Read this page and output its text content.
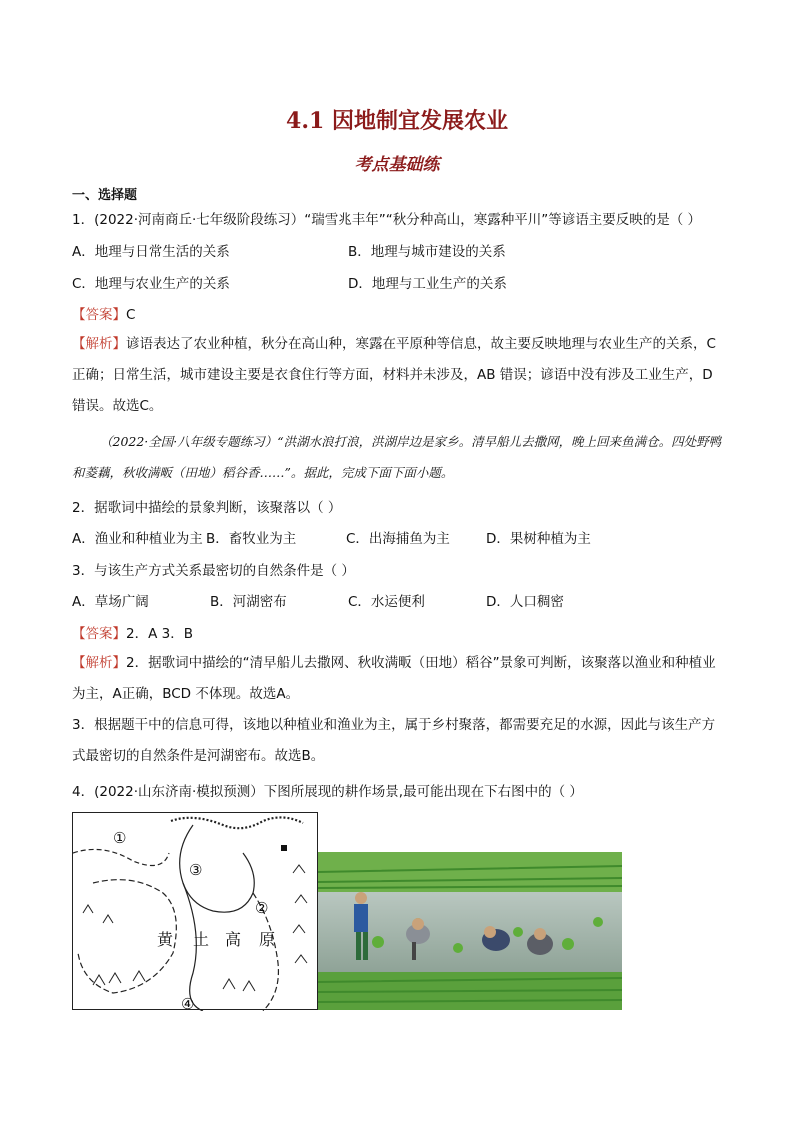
4.1 因地制宜发展农业
考点基础练
一、选择题
1．(2022·河南商丘·七年级阶段练习）“瑞雪兆丰年”“秋分种高山，寒露种平川”等谚语主要反映的是（ ）
A．地理与日常生活的关系	B．地理与城市建设的关系
C．地理与农业生产的关系	D．地理与工业生产的关系
【答案】C
【解析】谚语表达了农业种植，秋分在高山种，寒露在平原种等信息，故主要反映地理与农业生产的关系，C正确；日常生活，城市建设主要是衣食住行等方面，材料并未涉及，AB 错误；谚语中没有涉及工业生产，D错误。故选C。
（2022·全国·八年级专题练习）“洪湖水浪打浪，洪湖岸边是家乡。清早船儿去撒网，晚上回来鱼满仓。四处野鸭和菱藕，秋收满畈（田地）稻谷香……”。据此，完成下面下面小题。
2．据歌词中描绘的景象判断，该聚落以（ ）
A．渔业和种植业为主 B．畜牧业为主	C．出海捕鱼为主	D．果树种植为主
3．与该生产方式关系最密切的自然条件是（ ）
A．草场广阔	B．河湖密布	C．水运便利	D．人口稠密
【答案】2．A 3．B
【解析】2．据歌词中描绘的“清早船儿去撒网、秋收满畈（田地）稻谷”景象可判断，该聚落以渔业和种植业为主，A正确，BCD 不体现。故选A。
3．根据题干中的信息可得，该地以种植业和渔业为主，属于乡村聚落，都需要充足的水源，因此与该生产方式最密切的自然条件是河湖密布。故选B。
4．(2022·山东济南·模拟预测）下图所展现的耕作场景,最可能出现在下右图中的（ ）
①
②
③
④
黄 土 高 原
